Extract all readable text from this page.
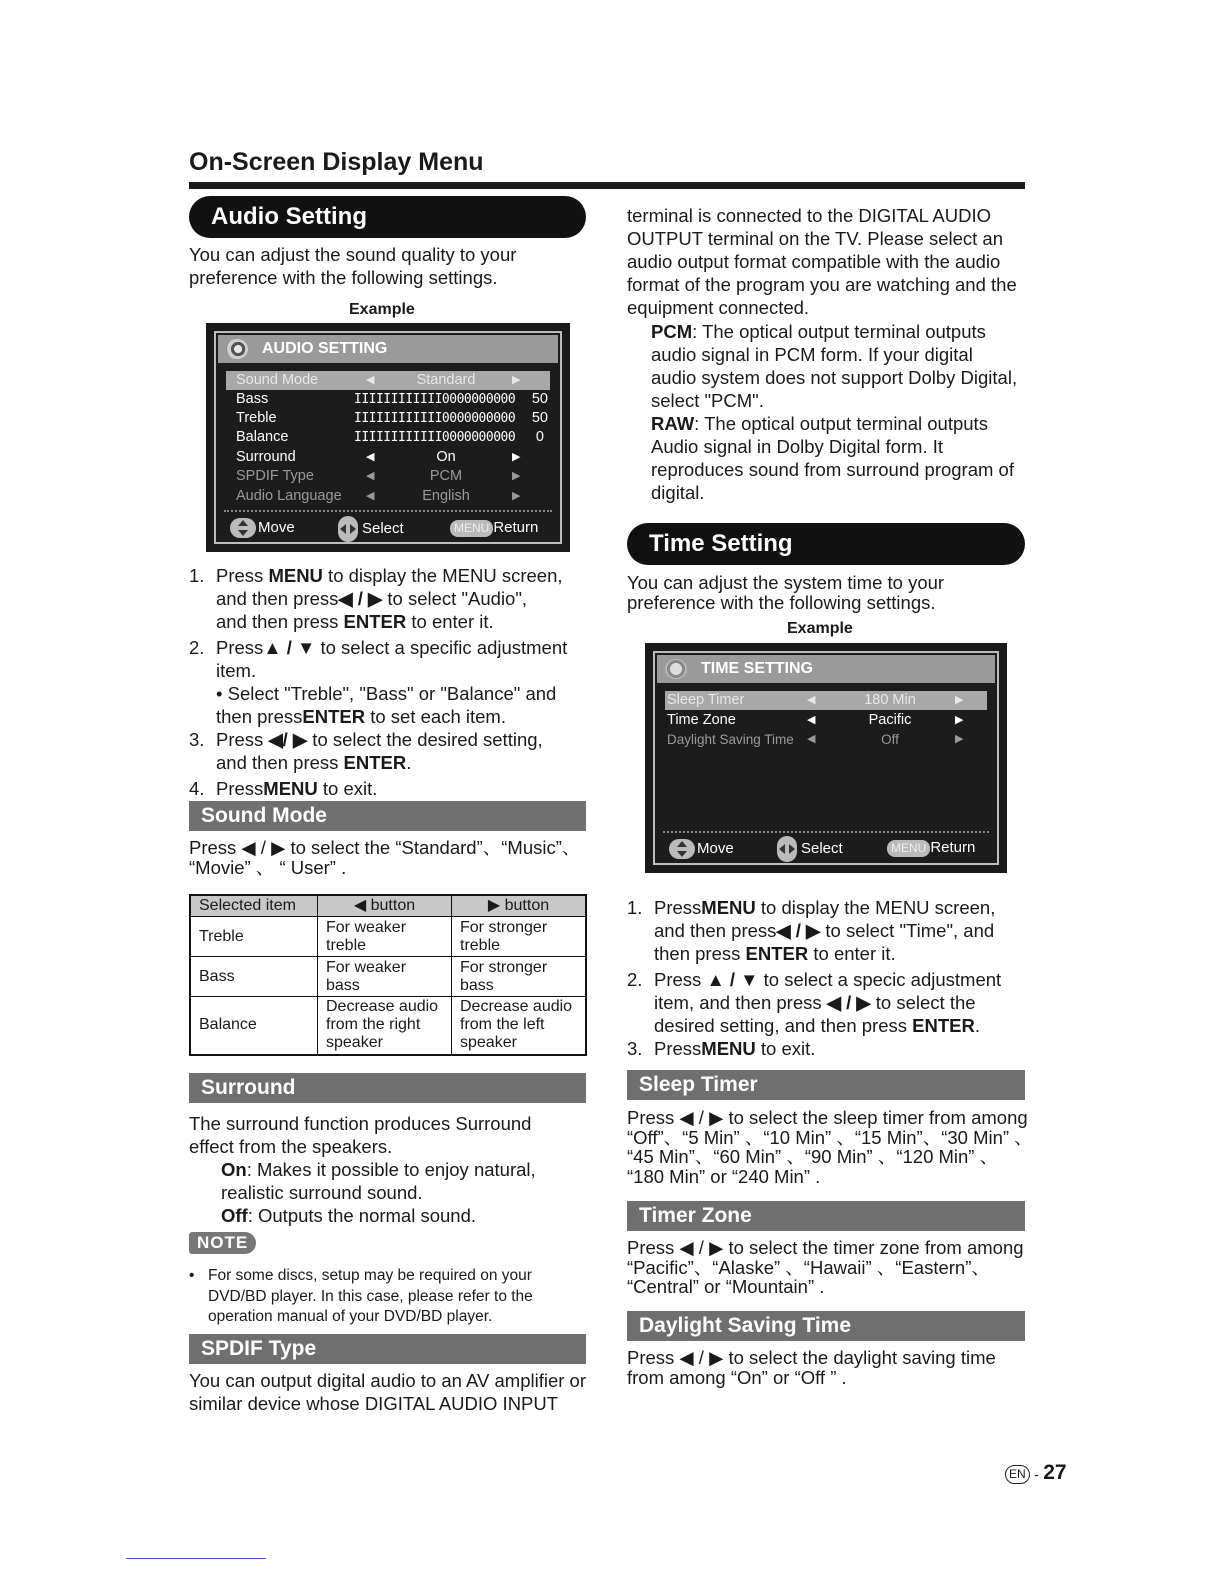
On-Screen Display Menu
Audio Setting
You can adjust the sound quality to your preference with the following settings.
Example
AUDIO SETTING
Sound Mode	◀	Standard	▶
Bass	IIIIIIIIIIII0000000000 50
Treble	IIIIIIIIIIII0000000000 50
Balance	IIIIIIIIIIII0000000000 0
Surround	◀	On	▶
SPDIF Type	◀	PCM	▶
Audio Language ◀	English	▶
Move	Select	MENU Return
1. Press MENU to display the MENU screen,
and then press◀ / ▶ to select "Audio",
and then press ENTER to enter it.
2. Press▲ / ▼ to select a specific adjustment
item.
• Select "Treble", "Bass" or "Balance" and
then pressENTER to set each item.
3. Press ◀/ ▶ to select the desired setting,
and then press ENTER.
4. PressMENU to exit.
Sound Mode
Press ◀ / ▶ to select the “Standard”、“Music”、
“Movie” 、 “ User” .
Selected item	◀ button	▶ button
Treble	For weaker treble	For stronger treble
Bass	For weaker bass	For stronger bass
Balance	Decrease audio from the right speaker	Decrease audio from the left speaker
Surround
The surround function produces Surround effect from the speakers.
On: Makes it possible to enjoy natural, realistic surround sound.
Off: Outputs the normal sound.
NOTE
• For some discs, setup may be required on your DVD/BD player. In this case, please refer to the operation manual of your DVD/BD player.
SPDIF Type
You can output digital audio to an AV amplifier or similar device whose DIGITAL AUDIO INPUT
terminal is connected to the DIGITAL AUDIO OUTPUT terminal on the TV. Please select an audio output format compatible with the audio format of the program you are watching and the equipment connected.
PCM: The optical output terminal outputs audio signal in PCM form. If your digital audio system does not support Dolby Digital, select "PCM".
RAW: The optical output terminal outputs Audio signal in Dolby Digital form. It reproduces sound from surround program of digital.
Time Setting
You can adjust the system time to your preference with the following settings.
Example
TIME SETTING
Sleep Timer	◀	180 Min	▶
Time Zone	◀	Pacific	▶
Daylight Saving Time ◀	Off	▶
Move	Select	MENU Return
1. PressMENU to display the MENU screen,
and then press◀ / ▶ to select "Time", and
then press ENTER to enter it.
2. Press ▲ / ▼ to select a specic adjustment
item, and then press ◀ / ▶ to select the
desired setting, and then press ENTER.
3. PressMENU to exit.
Sleep Timer
Press ◀ / ▶ to select the sleep timer from among
“Off”、“5 Min” 、“10 Min” 、“15 Min”、“30 Min” 、
“45 Min”、“60 Min” 、“90 Min” 、“120 Min” 、
“180 Min” or “240 Min” .
Timer Zone
Press ◀ / ▶ to select the timer zone from among
“Pacific”、“Alaske” 、“Hawaii” 、“Eastern”、
“Central” or “Mountain” .
Daylight Saving Time
Press ◀ / ▶ to select the daylight saving time
from among “On” or “Off ” .
EN - 27
